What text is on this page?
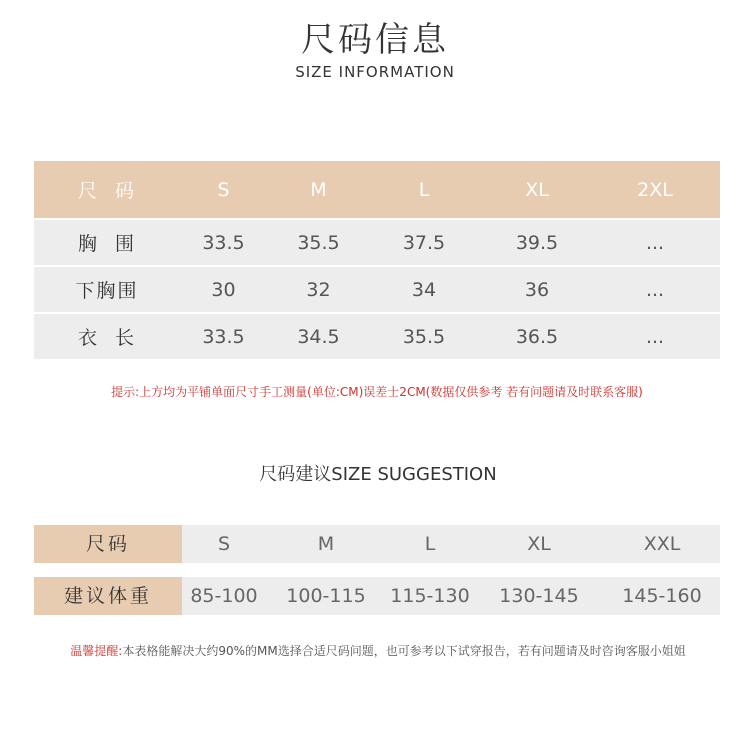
尺码信息
SIZE INFORMATION
尺  码	S	M	L	XL	2XL
胸  围	33.5	35.5	37.5	39.5	...
下胸围	30	32	34	36	...
衣  长	33.5	34.5	35.5	36.5	...
提示:上方均为平铺单面尺寸手工测量(单位:CM)误差士2CM(数据仅供参考 若有问题请及时联系客服)
尺码建议SIZE SUGGESTION
尺码	S	M	L	XL	XXL
建议体重	85-100	100-115	115-130	130-145	145-160
温馨提醒:本表格能解决大约90%的MM选择合适尺码问题，也可参考以下试穿报告，若有问题请及时咨询客服小姐姐
